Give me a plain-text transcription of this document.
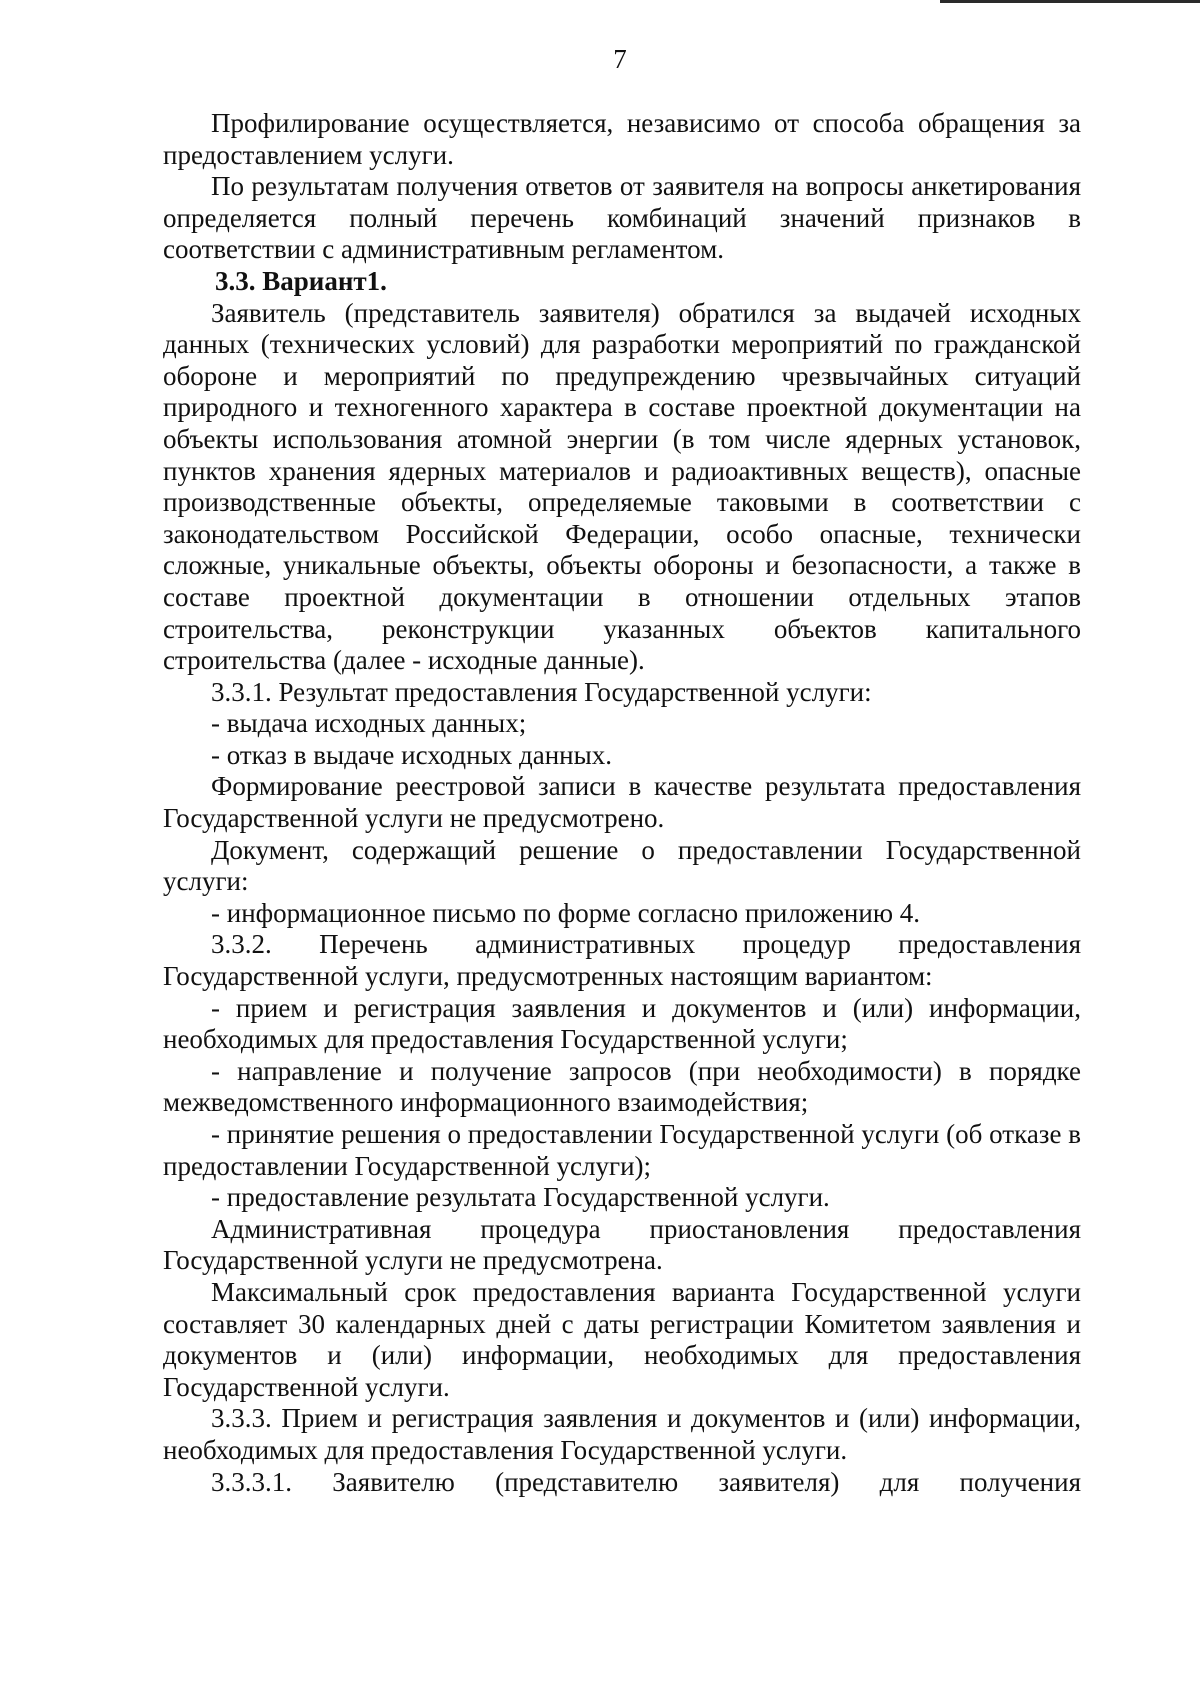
7

Профилирование осуществляется, независимо от способа обращения за предоставлением услуги.

По результатам получения ответов от заявителя на вопросы анкетирования определяется полный перечень комбинаций значений признаков в соответствии с административным регламентом.

3.3. Вариант1.

Заявитель (представитель заявителя) обратился за выдачей исходных данных (технических условий) для разработки мероприятий по гражданской обороне и мероприятий по предупреждению чрезвычайных ситуаций природного и техногенного характера в составе проектной документации на объекты использования атомной энергии (в том числе ядерных установок, пунктов хранения ядерных материалов и радиоактивных веществ), опасные производственные объекты, определяемые таковыми в соответствии с законодательством Российской Федерации, особо опасные, технически сложные, уникальные объекты, объекты обороны и безопасности, а также в составе проектной документации в отношении отдельных этапов строительства, реконструкции указанных объектов капитального строительства (далее - исходные данные).

3.3.1. Результат предоставления Государственной услуги:

- выдача исходных данных;

- отказ в выдаче исходных данных.

Формирование реестровой записи в качестве результата предоставления Государственной услуги не предусмотрено.

Документ, содержащий решение о предоставлении Государственной услуги:

- информационное письмо по форме согласно приложению 4.

3.3.2. Перечень административных процедур предоставления Государственной услуги, предусмотренных настоящим вариантом:

- прием и регистрация заявления и документов и (или) информации, необходимых для предоставления Государственной услуги;

- направление и получение запросов (при необходимости) в порядке межведомственного информационного взаимодействия;

- принятие решения о предоставлении Государственной услуги (об отказе в предоставлении Государственной услуги);

- предоставление результата Государственной услуги.

Административная процедура приостановления предоставления Государственной услуги не предусмотрена.

Максимальный срок предоставления варианта Государственной услуги составляет 30 календарных дней с даты регистрации Комитетом заявления и документов и (или) информации, необходимых для предоставления Государственной услуги.

3.3.3. Прием и регистрация заявления и документов и (или) информации, необходимых для предоставления Государственной услуги.

3.3.3.1. Заявителю (представителю заявителя) для получения
